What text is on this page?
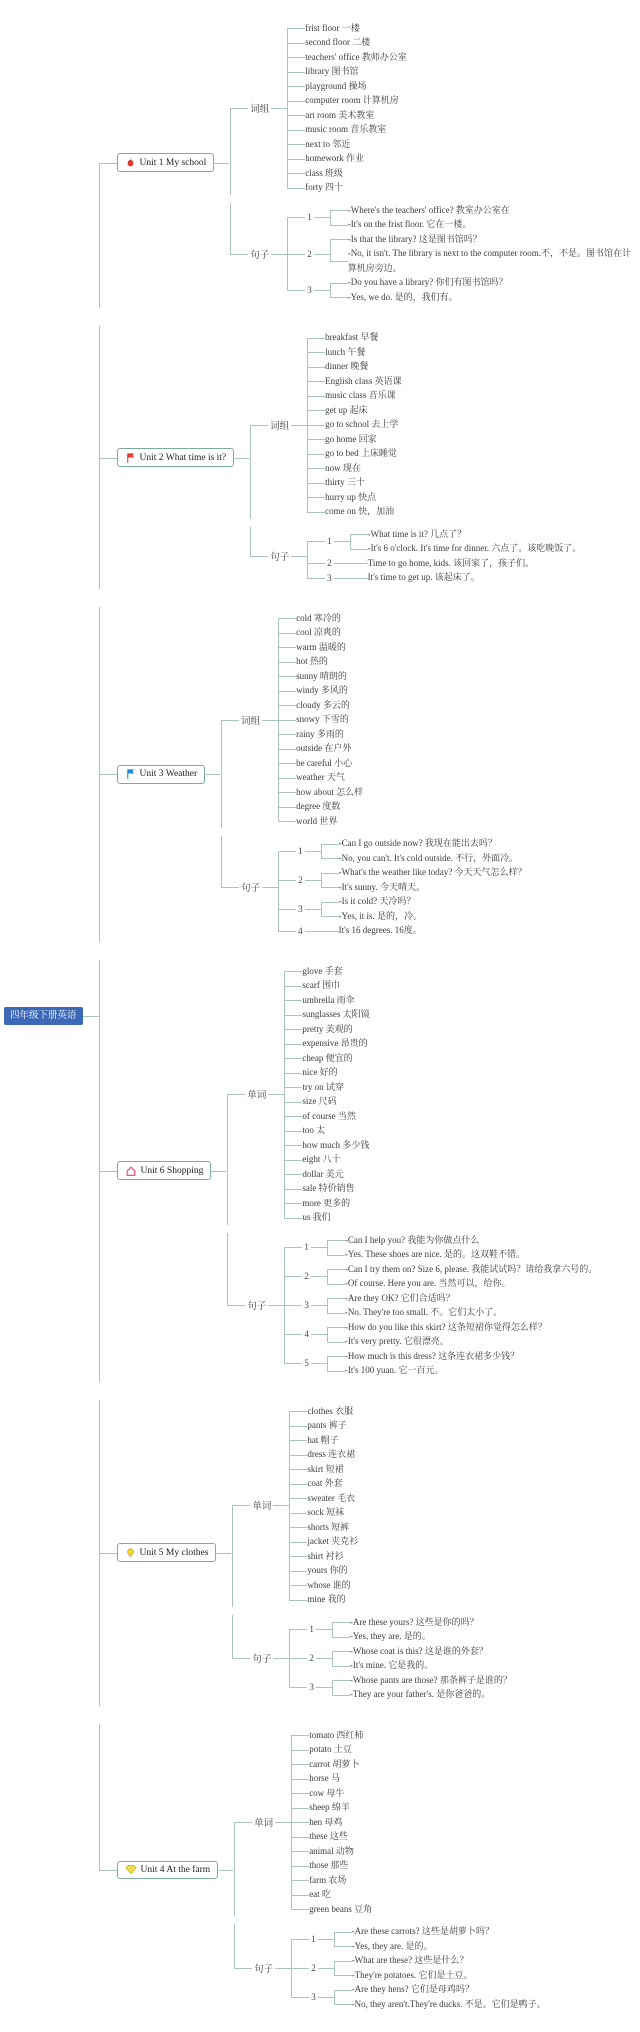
四年级下册英语
Unit 1 My school
词组
frist floor 一楼
second floor 二楼
teachers' office 教师办公室
library 图书馆
playground 操场
computer room 计算机房
art room 美术教室
music room 音乐教室
next to 邻近
homework 作业
class 班级
forty 四十
句子
1
-Where's the teachers' office? 教室办公室在
-It's on the frist floor. 它在一楼。
2
-Is that the library? 这是图书馆吗？
-No, it isn't. The library is next to the computer room.不，不是。图书馆在计算机房旁边。
3
-Do you have a library? 你们有图书馆吗？
-Yes, we do. 是的，我们有。
Unit 2 What time is it?
词组
breakfast 早餐
lunch 午餐
dinner 晚餐
English class 英语课
music class 音乐课
get up 起床
go to school 去上学
go home 回家
go to bed 上床睡觉
now 现在
thirty 三十
hurry up 快点
come on 快，加油
句子
1
-What time is it? 几点了？
-It's 6 o'clock. It's time for dinner. 六点了。该吃晚饭了。
2	Time to go home, kids. 该回家了，孩子们。
3	It's time to get up. 该起床了。
Unit 3 Weather
词组
cold 寒冷的
cool 凉爽的
warm 温暖的
hot 热的
sunny 晴朗的
windy 多风的
cloudy 多云的
snowy 下雪的
rainy 多雨的
outside 在户外
be careful 小心
weather 天气
how about 怎么样
degree 度数
world 世界
句子
1
-Can I go outside now? 我现在能出去吗？
-No, you can't. It's cold outside. 不行，外面冷。
2
-What's the weather like today? 今天天气怎么样？
-It's sunny. 今天晴天。
3
-Is it cold? 天冷吗？
-Yes, it is. 是的，冷。
4	It's 16 degrees. 16度。
Unit 6 Shopping
单词
glove 手套
scarf 围巾
umbrella 雨伞
sunglasses 太阳镜
pretty 美观的
expensive 昂贵的
cheap 便宜的
nice 好的
try on 试穿
size 尺码
of course 当然
too 太
how much 多少钱
eight 八十
dollar 美元
sale 特价销售
more 更多的
us 我们
句子
1
-Can I help you? 我能为你做点什么
-Yes. These shoes are nice. 是的。这双鞋不错。
2
-Can I try them on? Size 6, please. 我能试试吗？请给我拿六号的。
-Of course. Here you are. 当然可以，给你。
3
-Are they OK? 它们合适吗？
-No. They're too small. 不。它们太小了。
4
-How do you like this skirt? 这条短裙你觉得怎么样？
-It's very pretty. 它很漂亮。
5
-How much is this dress? 这条连衣裙多少钱？
-It's 100 yuan. 它一百元。
Unit 5 My clothes
单词
clothes 衣服
pants 裤子
hat 帽子
dress 连衣裙
skirt 短裙
coat 外套
sweater 毛衣
sock 短袜
shorts 短裤
jacket 夹克衫
shirt 衬衫
yours 你的
whose 谁的
mine 我的
句子
1
-Are these yours? 这些是你的吗？
-Yes, they are. 是的。
2
-Whose coat is this? 这是谁的外套？
-It's mine. 它是我的。
3
-Whose pants are those? 那条裤子是谁的？
-They are your father's. 是你爸爸的。
Unit 4 At the farm
单词
tomato 西红柿
potato 土豆
carrot 胡萝卜
horse 马
cow 母牛
sheep 绵羊
hen 母鸡
these 这些
animal 动物
those 那些
farm 农场
eat 吃
green beans 豆角
句子
1
-Are these carrots? 这些是胡萝卜吗？
-Yes, they are. 是的。
2
-What are these? 这些是什么？
-They're potatoes. 它们是土豆。
3
-Are they hens? 它们是母鸡吗？
-No, they aren't.They're ducks. 不是。它们是鸭子。
